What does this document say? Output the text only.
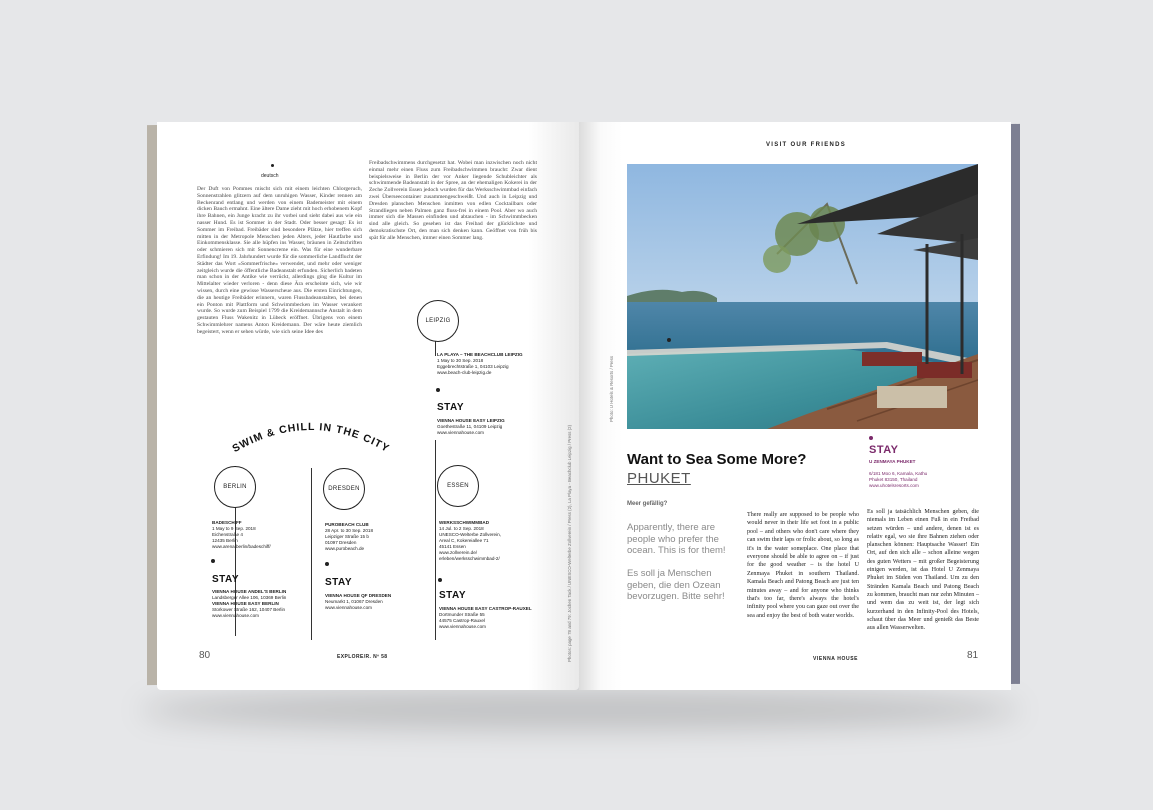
deutsch
Der Duft von Pommes mischt sich mit einem leichten Chlorgeruch, Sonnenstrahlen glitzern auf dem unruhigen Wasser, Kinder rennen am Beckenrand entlang und werden von einem Bademeister mit einem dicken Bauch ermahnt. Eine ältere Dame zieht mit hoch erhobenem Kopf ihre Bahnen, ein Junge kracht zu ihr vorbei und sieht dabei aus wie ein nasser Hund. Es ist Sommer in der Stadt. Oder besser gesagt: Es ist Sommer im Freibad. Freibäder sind besondere Plätze, hier treffen sich mitten in der Metropole Menschen jeden Alters, jeder Hautfarbe und Einkommensklasse. Sie alle hüpfen ins Wasser, bräunen in Zeitschriften oder schmieren sich mit Sonnencreme ein. Was für eine wunderbare Erfindung! Im 19. Jahrhundert wurde für die sommerliche Landflucht der Städter das Wort »Sommerfrische« verwendet, und mehr oder weniger zeitgleich wurde die öffentliche Badeanstalt erfunden. Sicherlich badeten man schon in der Antike wie verrückt, allerdings ging die Kultur im Mittelalter wieder verloren - denn diese Ära erscheinte sich, wie wir wissen, durch eine gewisse Wasserscheue aus. Die ersten Einrichtungen, die an heutige Freibäder erinnern, waren Flussbadeanstalten, bei denen ein Ponton mit Plattform und Schwimmbecken im Wasser verankert wurde. So wurde zum Beispiel 1799 die Kreidemannsche Anstalt in dem gestauten Fluss Wakenitz in Lübeck eröffnet. Übrigens von einem Schwimmlehrer namens Anton Kreidemann. Der wäre heute ziemlich begeistert, wenn er sehen würde, wie sich seine Idee des
Freibadschwimmens durchgesetzt hat. Wobei man inzwischen noch nicht einmal mehr einen Fluss zum Freibadschwimmen braucht: Zwar dient beispielsweise in Berlin der vor Anker liegende Schubleichter als schwimmende Badeanstalt in der Spree, an der ehemaligen Kokerei in der Zeche Zollverein Essen jedoch wurden für das Werksschwimmbad einfach zwei Überseecontainer zusammengeschweißt. Und auch in Leipzig und Dresden planschen Menschen inmitten von edlen Cocktailbars oder Strandliegen neben Palmen ganz fluss-frei in einem Pool. Aber wo auch immer sich die Massen einfinden und abtauchen - im Schwimmbecken sind alle gleich. So gesehen ist das Freibad der glücklichste und demokratischste Ort, den man sich denken kann. Geöffnet von früh bis spät für alle Menschen, immer einen Sommer lang.
SWIM & CHILL IN THE CITY
LEIPZIG
LA PLAYA – THE BEACHCLUB LEIPZIG
1 May to 30 Sep. 2018
Eggebrechtstraße 1, 04103 Leipzig
www.beach-club-leipzig.de
STAY
VIENNA HOUSE EASY LEIPZIG
Goethestraße 11, 04109 Leipzig
www.viennahouse.com
BERLIN
BADESCHIFF
1 May to 9 Sep. 2018
Eichenstraße 4
12435 Berlin
www.arena.berlin/badeschiff/
STAY
VIENNA HOUSE ANDEL'S BERLIN
Landsberger Allee 106, 10369 Berlin
VIENNA HOUSE EASY BERLIN
Storkower Straße 162, 10407 Berlin
www.viennahouse.com
DRESDEN
PUROBEACH CLUB
28 Apr. to 30 Sep. 2018
Leipziger Straße 15 b
01097 Dresden
www.purobeach.de
STAY
VIENNA HOUSE QF DRESDEN
Neumarkt 1, 01067 Dresden
www.viennahouse.com
ESSEN
WERKSSCHWIMMBAD
14 Jul. to 2 Sep. 2018
UNESCO-Welterbe Zollverein,
Areal C, Kokereiallee 71
45141 Essen
www.zollverein.de/
erleben/werksschwimmbad-2/
STAY
VIENNA HOUSE EASY CASTROP-RAUXEL
Dortmunder Straße 55
44575 Castrop-Rauxel
www.viennahouse.com	Photos: page 78 and 79: Jochen Tack / UNESCO-Welterbe Zollverein / Press (2), La Playa - Beachclub Leipzig / Press (2)
80	EXPLORE/R. Nº 58
VISIT OUR FRIENDS
Photo: U Hotels & Resorts / Press
STAY
U ZENMAYA PHUKET

6/181 Moo 6, Kamala, Kathu
Phuket 83150, Thailand
www.uhotelsresorts.com
Want to Sea Some More?
PHUKET
Meer gefällig?
Apparently, there are people who prefer the ocean. This is for them!
Es soll ja Menschen geben, die den Ozean bevorzugen. Bitte sehr!
There really are supposed to be people who would never in their life set foot in a public pool – and others who don't care where they can swim their laps or frolic about, so long as it's in the water someplace. One place that everyone should be able to agree on – if just for the good weather – is the hotel U Zenmaya Phuket in southern Thailand. Kamala Beach and Patong Beach are just ten minutes away – and for anyone who thinks that's too far, there's always the hotel's infinity pool where you can gaze out over the sea and enjoy the best of both water worlds.
Es soll ja tatsächlich Menschen geben, die niemals im Leben einen Fuß in ein Freibad setzen würden – und andere, denen ist es relativ egal, wo sie ihre Bahnen ziehen oder planschen können: Hauptsache Wasser! Ein Ort, auf den sich alle – schon alleine wegen des guten Wetters – mit großer Begeisterung einigen werden, ist das Hotel U Zenmaya Phuket im Süden von Thailand. Um zu den Stränden Kamala Beach und Patong Beach zu kommen, braucht man nur zehn Minuten – und wem das zu weit ist, der legt sich kurzerhand in den Infinity-Pool des Hotels, schaut über das Meer und genießt das Beste aus allen Wasserwelten.
VIENNA HOUSE	81
